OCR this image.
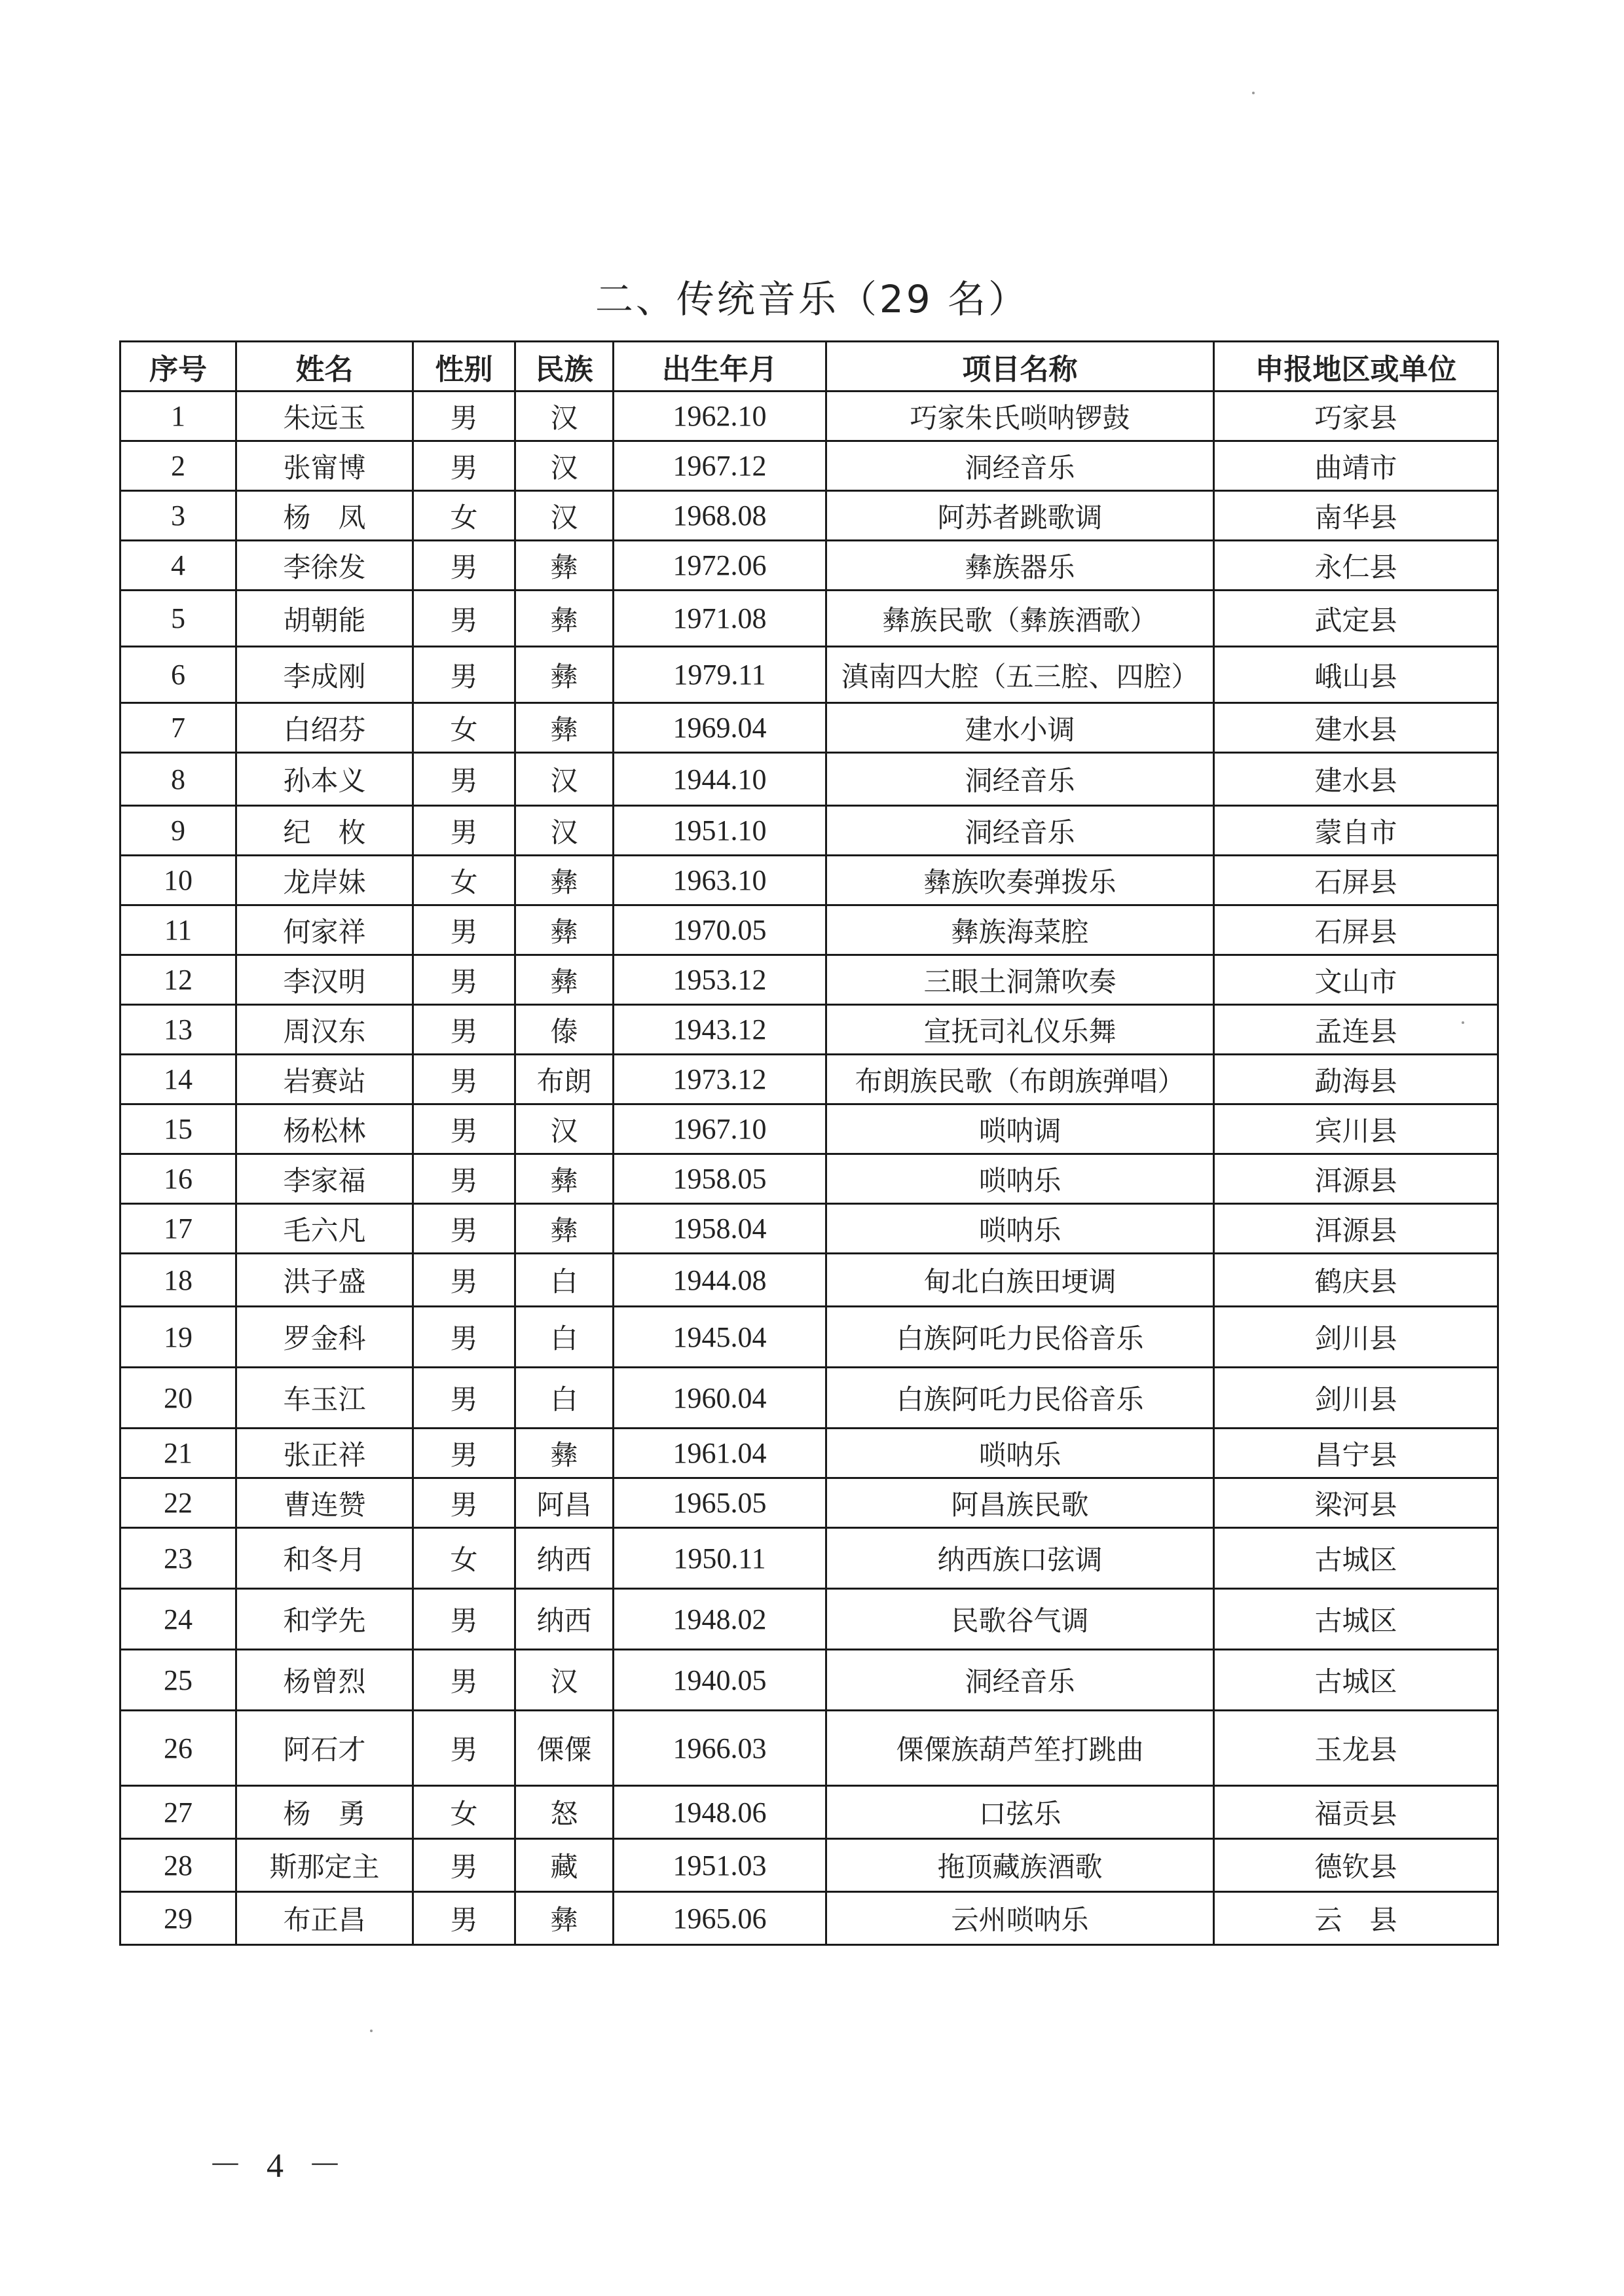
二、传统音乐（29 名）
序号	姓名	性别	民族	出生年月	项目名称	申报地区或单位
1	朱远玉	男	汉	1962.10	巧家朱氏唢呐锣鼓	巧家县
2	张甯博	男	汉	1967.12	洞经音乐	曲靖市
3	杨　凤	女	汉	1968.08	阿苏者跳歌调	南华县
4	李徐发	男	彝	1972.06	彝族器乐	永仁县
5	胡朝能	男	彝	1971.08	彝族民歌（彝族酒歌）	武定县
6	李成刚	男	彝	1979.11	滇南四大腔（五三腔、四腔）	峨山县
7	白绍芬	女	彝	1969.04	建水小调	建水县
8	孙本义	男	汉	1944.10	洞经音乐	建水县
9	纪　枚	男	汉	1951.10	洞经音乐	蒙自市
10	龙岸妹	女	彝	1963.10	彝族吹奏弹拨乐	石屏县
11	何家祥	男	彝	1970.05	彝族海菜腔	石屏县
12	李汉明	男	彝	1953.12	三眼土洞箫吹奏	文山市
13	周汉东	男	傣	1943.12	宣抚司礼仪乐舞	孟连县
14	岩赛站	男	布朗	1973.12	布朗族民歌（布朗族弹唱）	勐海县
15	杨松林	男	汉	1967.10	唢呐调	宾川县
16	李家福	男	彝	1958.05	唢呐乐	洱源县
17	毛六凡	男	彝	1958.04	唢呐乐	洱源县
18	洪子盛	男	白	1944.08	甸北白族田埂调	鹤庆县
19	罗金科	男	白	1945.04	白族阿吒力民俗音乐	剑川县
20	车玉江	男	白	1960.04	白族阿吒力民俗音乐	剑川县
21	张正祥	男	彝	1961.04	唢呐乐	昌宁县
22	曹连赞	男	阿昌	1965.05	阿昌族民歌	梁河县
23	和冬月	女	纳西	1950.11	纳西族口弦调	古城区
24	和学先	男	纳西	1948.02	民歌谷气调	古城区
25	杨曾烈	男	汉	1940.05	洞经音乐	古城区
26	阿石才	男	傈僳	1966.03	傈僳族葫芦笙打跳曲	玉龙县
27	杨　勇	女	怒	1948.06	口弦乐	福贡县
28	斯那定主	男	藏	1951.03	拖顶藏族酒歌	德钦县
29	布正昌	男	彝	1965.06	云州唢呐乐	云　县
－ 4 －
